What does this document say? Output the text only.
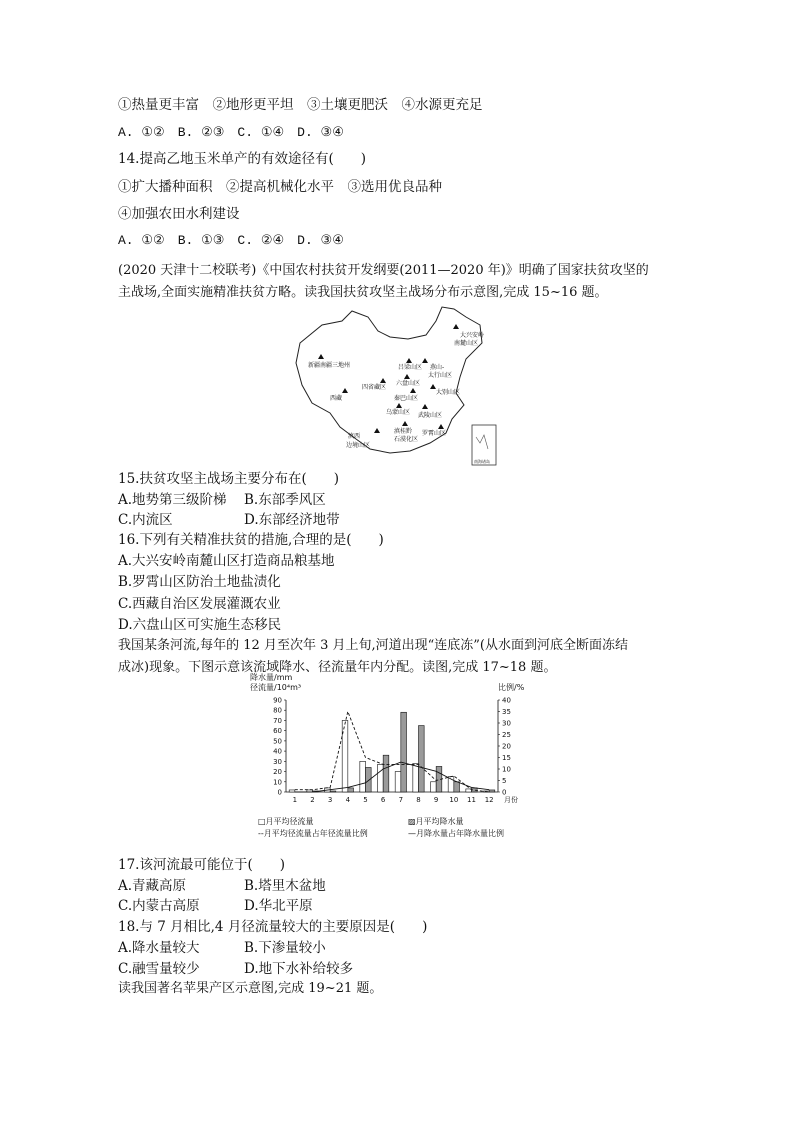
①热量更丰富　②地形更平坦　③土壤更肥沃　④水源更充足
A. ①②　B. ②③　C. ①④　D. ③④
14.提高乙地玉米单产的有效途径有(　　)
①扩大播种面积　②提高机械化水平　③选用优良品种
④加强农田水利建设
A. ①②　B. ①③　C. ②④　D. ③④
(2020 天津十二校联考)《中国农村扶贫开发纲要(2011—2020 年)》明确了国家扶贫攻坚的
主战场,全面实施精准扶贫方略。读我国扶贫攻坚主战场分布示意图,完成 15~16 题。
大兴安岭
南麓山区
新疆南疆三地州	吕梁山区 燕山-
太行山区
四省藏区
六盘山区
秦巴山区
大别山区
西藏
乌蒙山区 武陵山区
滇桂黔
石漠化区
罗霄山区
滇西
边境山区
南海诸岛
15.扶贫攻坚主战场主要分布在(　　)
A.地势第三级阶梯 B.东部季风区
C.内流区	D.东部经济地带
16.下列有关精准扶贫的措施,合理的是(　　)
A.大兴安岭南麓山区打造商品粮基地
B.罗霄山区防治土地盐渍化
C.西藏自治区发展灌溉农业
D.六盘山区可实施生态移民
我国某条河流,每年的 12 月至次年 3 月上旬,河道出现“连底冻”(从水面到河底全断面冻结
成冰)现象。下图示意该流域降水、径流量年内分配。读图,完成 17~18 题。
降水量/mm
径流量/10⁴m³	比例/%
0
10
20
30
40
50
60
70
80
90
0
5
10
15
20
25
30
35
40
1 2 3 4 5 6 7 8 9 10 11 12 月份
□月平均径流量	▨月平均降水量
--月平均径流量占年径流量比例	—月降水量占年降水量比例
17.该河流最可能位于(　　)
A.青藏高原	B.塔里木盆地
C.内蒙古高原	D.华北平原
18.与 7 月相比,4 月径流量较大的主要原因是(　　)
A.降水量较大	B.下渗量较小
C.融雪量较少	D.地下水补给较多
读我国著名苹果产区示意图,完成 19~21 题。
